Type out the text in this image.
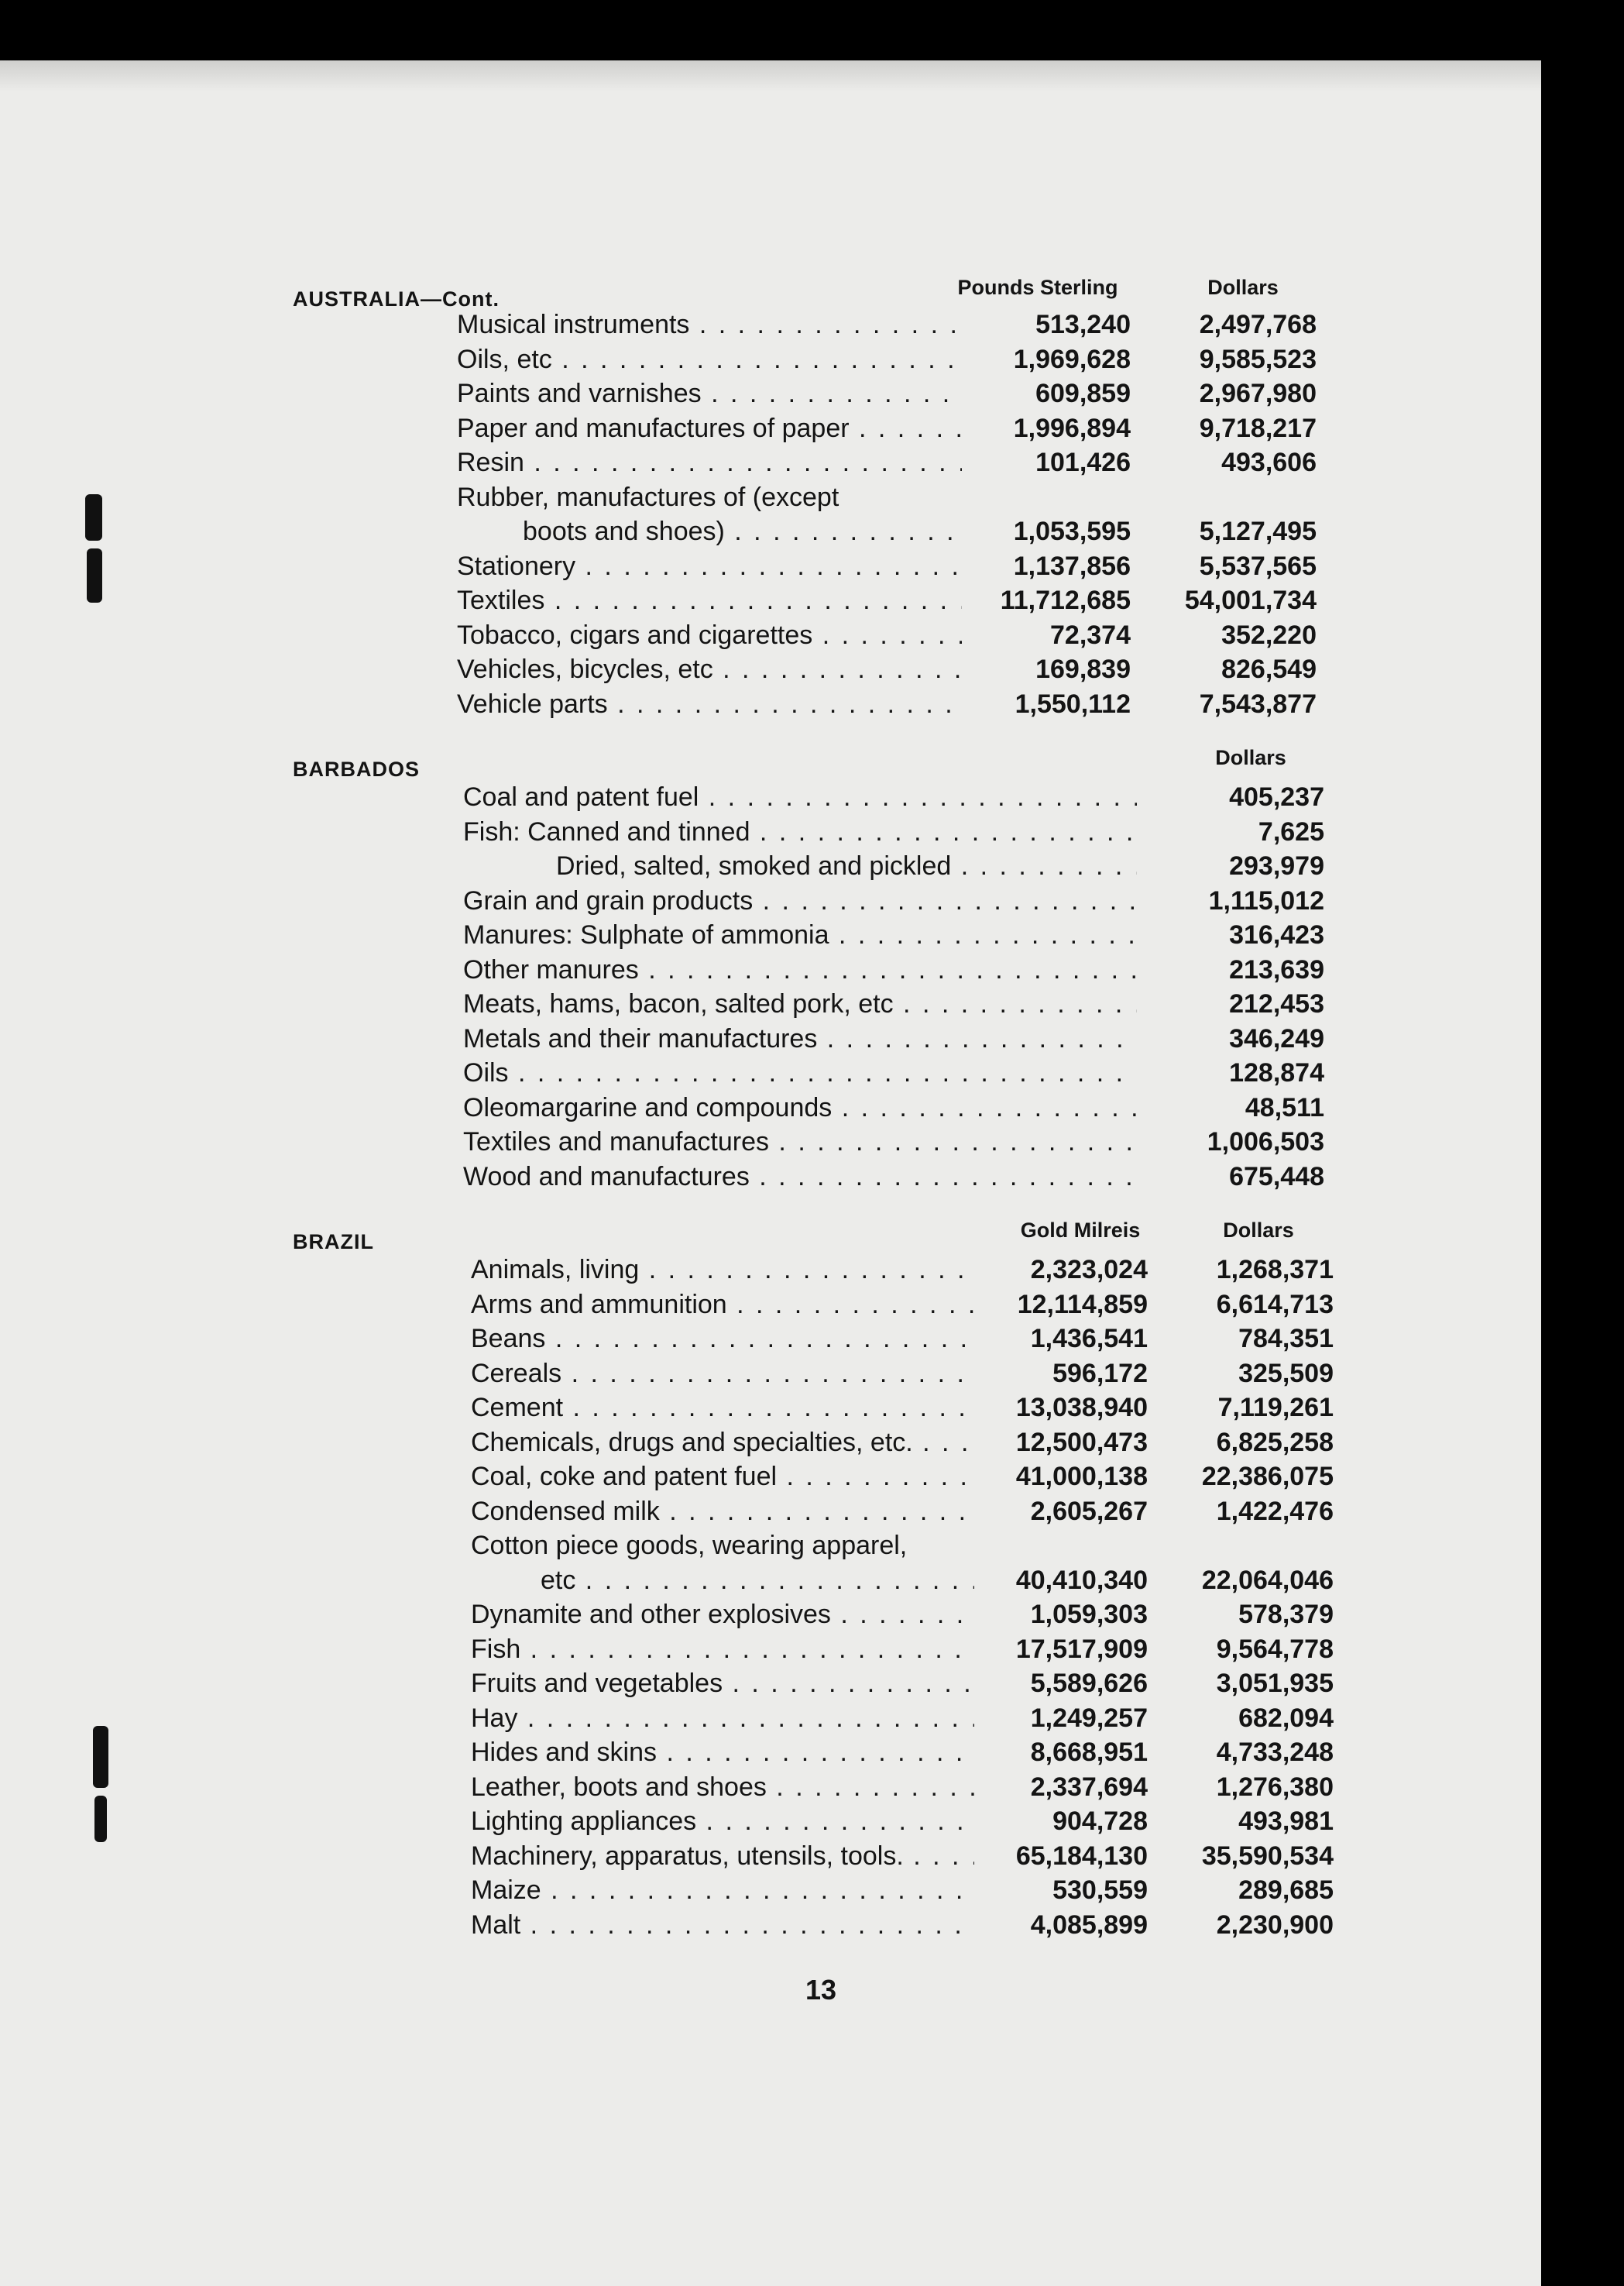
AUSTRALIA—Cont.	Pounds Sterling	Dollars
Musical instruments . . .	513,240	2,497,768
Oils, etc . . .	1,969,628	9,585,523
Paints and varnishes . . .	609,859	2,967,980
Paper and manufactures of paper . . .	1,996,894	9,718,217
Resin . . .	101,426	493,606
Rubber, manufactures of (except
boots and shoes) . . .	1,053,595	5,127,495
Stationery . . .	1,137,856	5,537,565
Textiles . . .	11,712,685	54,001,734
Tobacco, cigars and cigarettes . . .	72,374	352,220
Vehicles, bicycles, etc . . .	169,839	826,549
Vehicle parts . . .	1,550,112	7,543,877
BARBADOS	Dollars
Coal and patent fuel . . .	405,237
Fish: Canned and tinned . . .	7,625
Dried, salted, smoked and pickled . . .	293,979
Grain and grain products . . .	1,115,012
Manures: Sulphate of ammonia . . .	316,423
Other manures . . .	213,639
Meats, hams, bacon, salted pork, etc . . .	212,453
Metals and their manufactures . . .	346,249
Oils . . .	128,874
Oleomargarine and compounds . . .	48,511
Textiles and manufactures . . .	1,006,503
Wood and manufactures . . .	675,448
BRAZIL	Gold Milreis	Dollars
Animals, living . . .	2,323,024	1,268,371
Arms and ammunition . . .	12,114,859	6,614,713
Beans . . .	1,436,541	784,351
Cereals . . .	596,172	325,509
Cement . . .	13,038,940	7,119,261
Chemicals, drugs and specialties, etc. . . .	12,500,473	6,825,258
Coal, coke and patent fuel . . .	41,000,138	22,386,075
Condensed milk . . .	2,605,267	1,422,476
Cotton piece goods, wearing apparel,
etc . . .	40,410,340	22,064,046
Dynamite and other explosives . . .	1,059,303	578,379
Fish . . .	17,517,909	9,564,778
Fruits and vegetables . . .	5,589,626	3,051,935
Hay . . .	1,249,257	682,094
Hides and skins . . .	8,668,951	4,733,248
Leather, boots and shoes . . .	2,337,694	1,276,380
Lighting appliances . . .	904,728	493,981
Machinery, apparatus, utensils, tools. . . .	65,184,130	35,590,534
Maize . . .	530,559	289,685
Malt . . .	4,085,899	2,230,900
13
